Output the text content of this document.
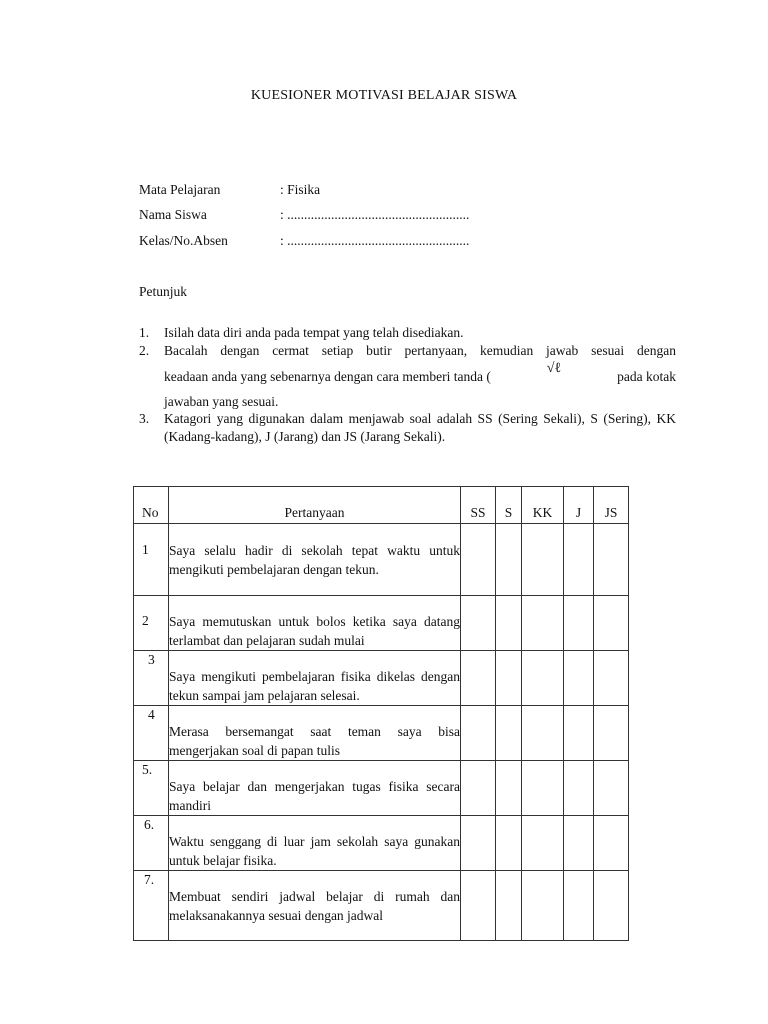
KUESIONER MOTIVASI BELAJAR SISWA
Mata Pelajaran	: Fisika
Nama Siswa	: ......................................................
Kelas/No.Absen	: ......................................................
Petunjuk
1. Isilah data diri anda pada tempat yang telah disediakan.
2. Bacalah dengan cermat setiap butir pertanyaan, kemudian jawab sesuai dengan
keadaan anda yang sebenarnya dengan cara memberi tanda (
√ℓ
pada kotak
jawaban yang sesuai.
3. Katagori yang digunakan dalam menjawab soal adalah SS (Sering Sekali), S (Sering), KK (Kadang-kadang), J (Jarang) dan JS (Jarang Sekali).
No	Pertanyaan	SS	S	KK	J	JS

1	Saya selalu hadir di sekolah tepat waktu untuk mengikuti pembelajaran dengan tekun.					

2	Saya memutuskan untuk bolos ketika saya datang terlambat dan pelajaran sudah mulai					

3	Saya mengikuti pembelajaran fisika dikelas dengan tekun sampai jam pelajaran selesai.					

4	Merasa bersemangat saat teman saya bisa mengerjakan soal di papan tulis					

5.	Saya belajar dan mengerjakan tugas fisika secara mandiri					

6.	Waktu senggang di luar jam sekolah saya gunakan untuk belajar fisika.					

7.	Membuat sendiri jadwal belajar di rumah dan melaksanakannya sesuai dengan jadwal					
